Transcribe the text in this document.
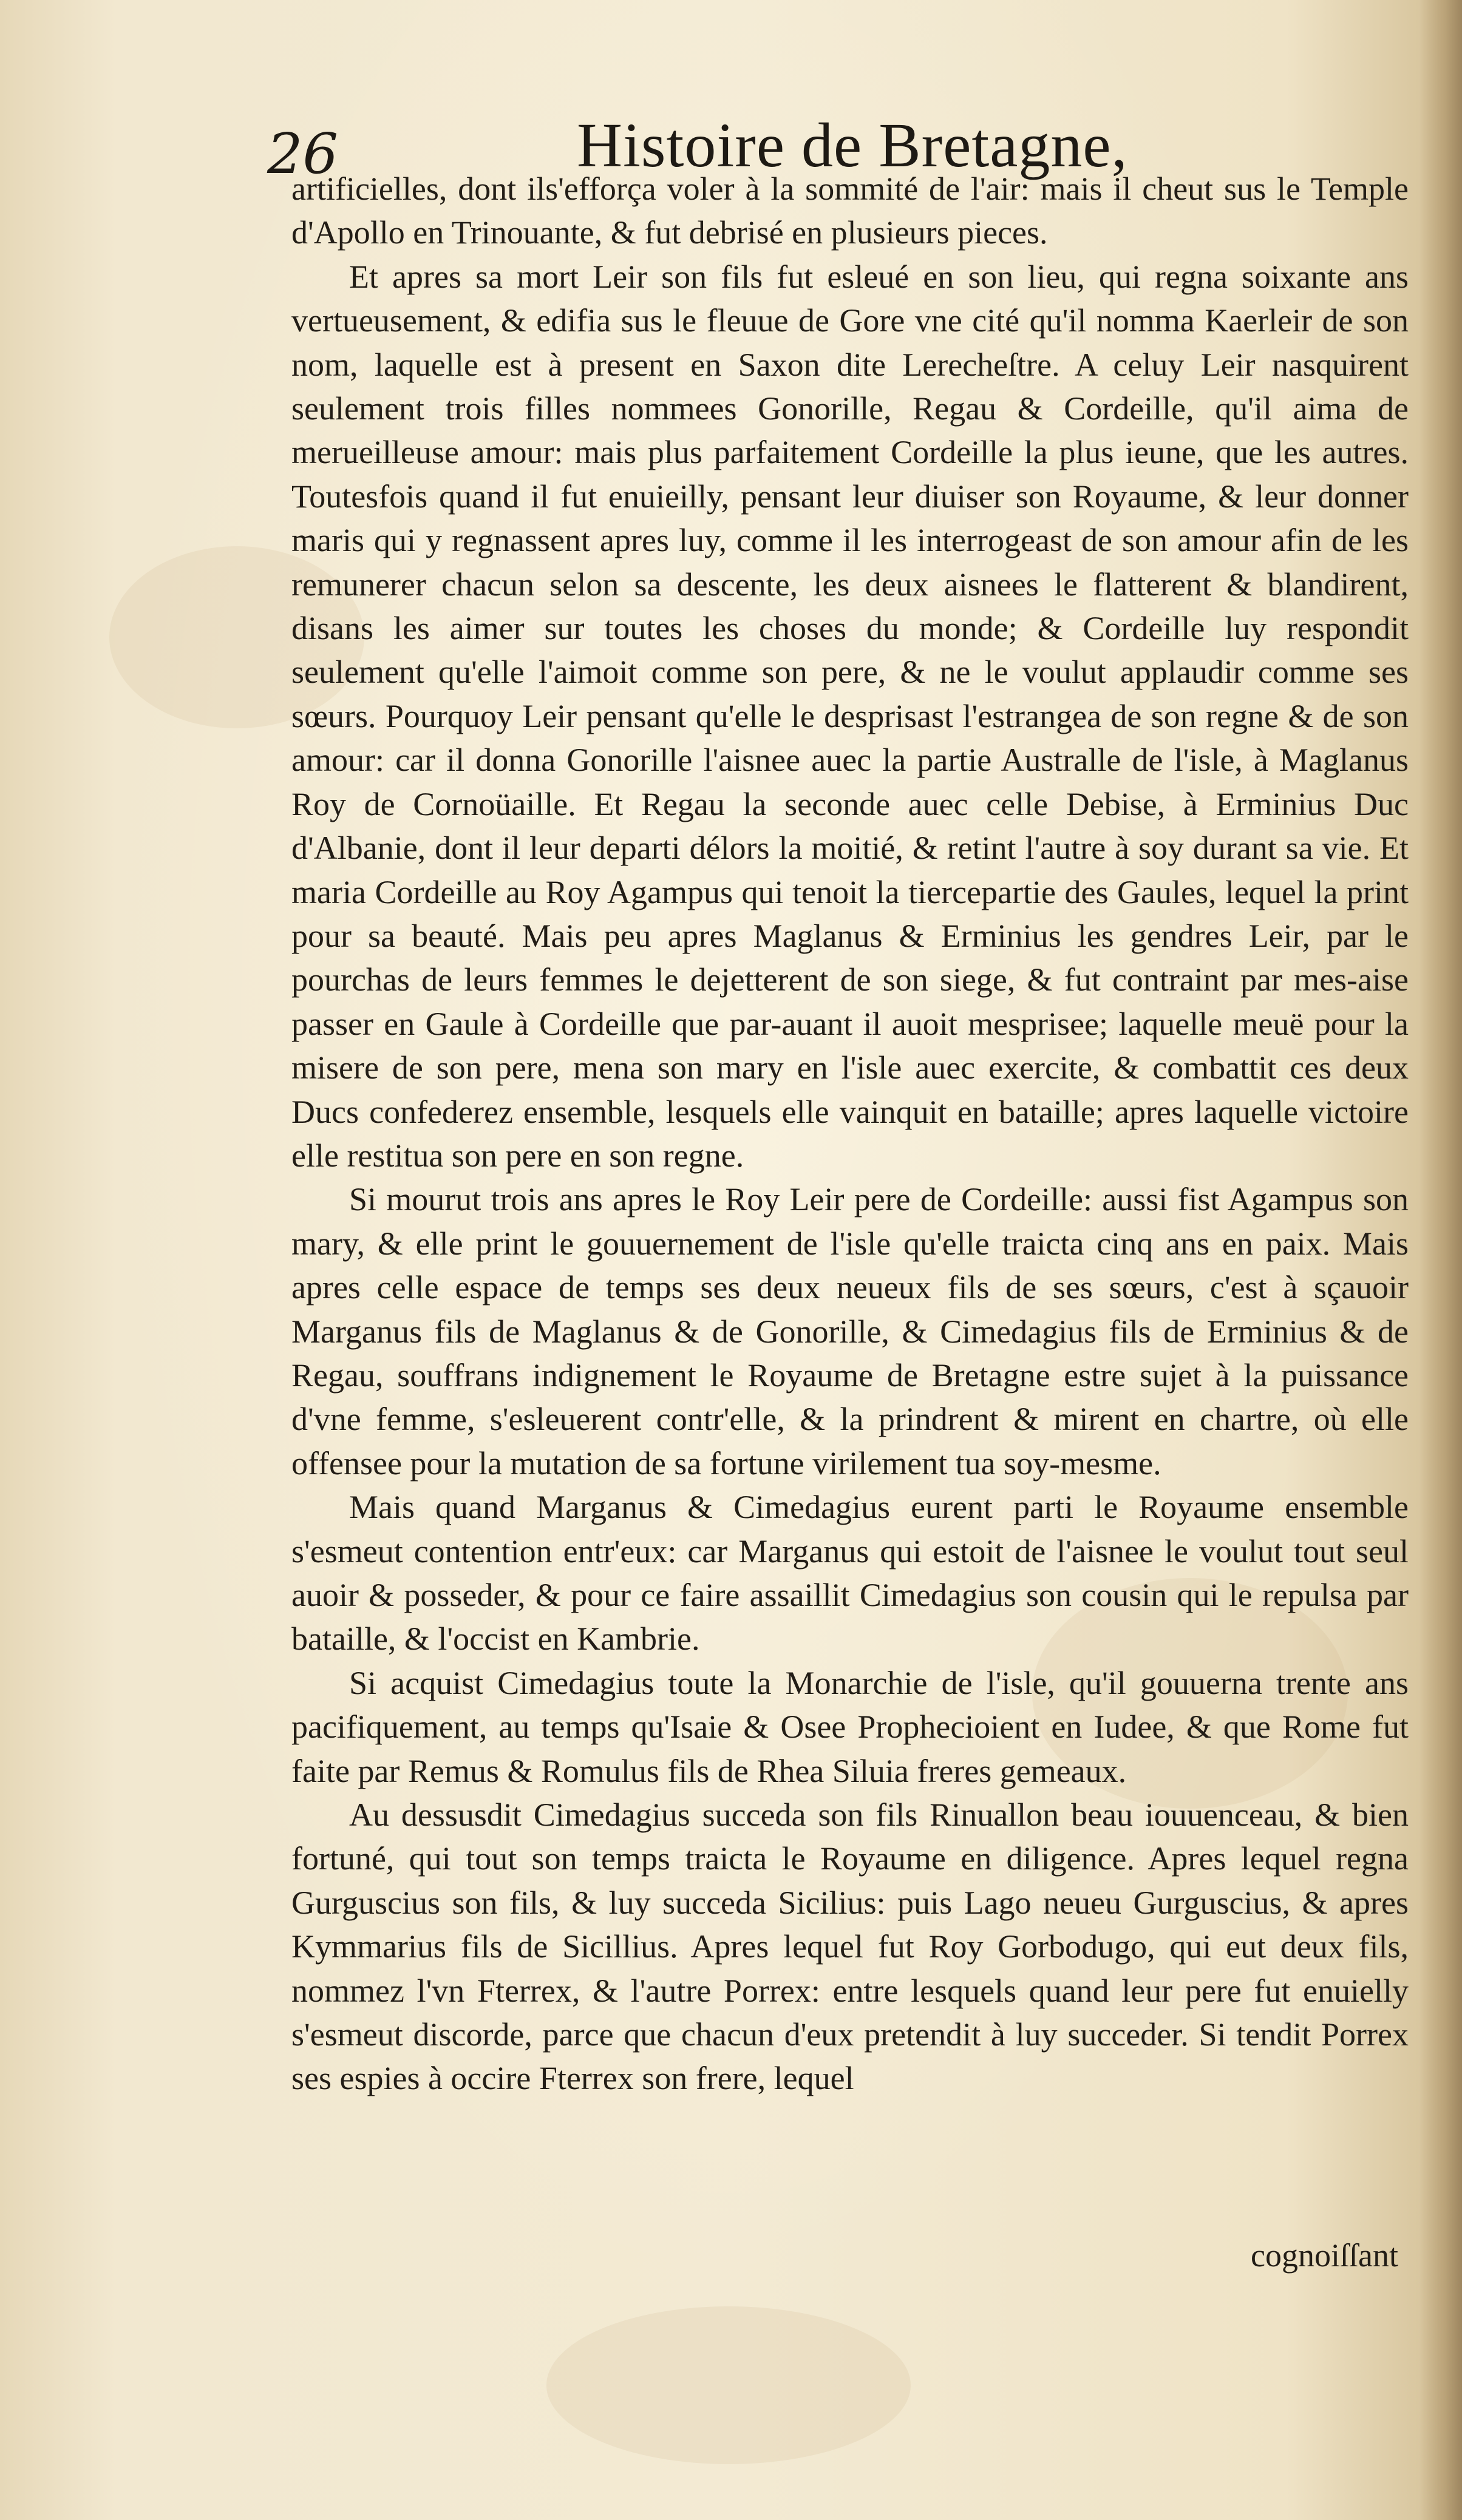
26	Histoire de Bretagne,

artificielles, dont ils'efforça voler à la sommité de l'air: mais il cheut sus le Temple d'Apollo en Trinouante, & fut debrisé en plusieurs pieces.

Et apres sa mort Leir son fils fut esleué en son lieu, qui regna soixante ans vertueusement, & edifia sus le fleuue de Gore vne cité qu'il nomma Kaerleir de son nom, laquelle est à present en Saxon dite Lerecheſtre. A celuy Leir nasquirent seulement trois filles nommees Gonorille, Regau & Cordeille, qu'il aima de merueilleuse amour: mais plus parfaitement Cordeille la plus ieune, que les autres. Toutesfois quand il fut enuieilly, pensant leur diuiser son Royaume, & leur donner maris qui y regnassent apres luy, comme il les interrogeast de son amour afin de les remunerer chacun selon sa descente, les deux aisnees le flatterent & blandirent, disans les aimer sur toutes les choses du monde; & Cordeille luy respondit seulement qu'elle l'aimoit comme son pere, & ne le voulut applaudir comme ses sœurs. Pourquoy Leir pensant qu'elle le desprisast l'estrangea de son regne & de son amour: car il donna Gonorille l'aisnee auec la partie Australle de l'isle, à Maglanus Roy de Cornoüaille. Et Regau la seconde auec celle Debise, à Erminius Duc d'Albanie, dont il leur departi délors la moitié, & retint l'autre à soy durant sa vie. Et maria Cordeille au Roy Agampus qui tenoit la tiercepartie des Gaules, lequel la print pour sa beauté. Mais peu apres Maglanus & Erminius les gendres Leir, par le pourchas de leurs femmes le dejetterent de son siege, & fut contraint par mes-aise passer en Gaule à Cordeille que par-auant il auoit mesprisee; laquelle meuë pour la misere de son pere, mena son mary en l'isle auec exercite, & combattit ces deux Ducs confederez ensemble, lesquels elle vainquit en bataille; apres laquelle victoire elle restitua son pere en son regne.

Si mourut trois ans apres le Roy Leir pere de Cordeille: aussi fist Agampus son mary, & elle print le gouuernement de l'isle qu'elle traicta cinq ans en paix. Mais apres celle espace de temps ses deux neueux fils de ses sœurs, c'est à sçauoir Marganus fils de Maglanus & de Gonorille, & Cimedagius fils de Erminius & de Regau, souffrans indignement le Royaume de Bretagne estre sujet à la puissance d'vne femme, s'esleuerent contr'elle, & la prindrent & mirent en chartre, où elle offensee pour la mutation de sa fortune virilement tua soy-mesme.

Mais quand Marganus & Cimedagius eurent parti le Royaume ensemble s'esmeut contention entr'eux: car Marganus qui estoit de l'aisnee le voulut tout seul auoir & posseder, & pour ce faire assaillit Cimedagius son cousin qui le repulsa par bataille, & l'occist en Kambrie.

Si acquist Cimedagius toute la Monarchie de l'isle, qu'il gouuerna trente ans pacifiquement, au temps qu'Isaie & Osee Prophecioient en Iudee, & que Rome fut faite par Remus & Romulus fils de Rhea Siluia freres gemeaux.

Au dessusdit Cimedagius succeda son fils Rinuallon beau iouuenceau, & bien fortuné, qui tout son temps traicta le Royaume en diligence. Apres lequel regna Gurguscius son fils, & luy succeda Sicilius: puis Lago neueu Gurguscius, & apres Kymmarius fils de Sicillius. Apres lequel fut Roy Gorbodugo, qui eut deux fils, nommez l'vn Fterrex, & l'autre Porrex: entre lesquels quand leur pere fut enuielly s'esmeut discorde, parce que chacun d'eux pretendit à luy succeder. Si tendit Porrex ses espies à occire Fterrex son frere, lequel

cognoiſſant
